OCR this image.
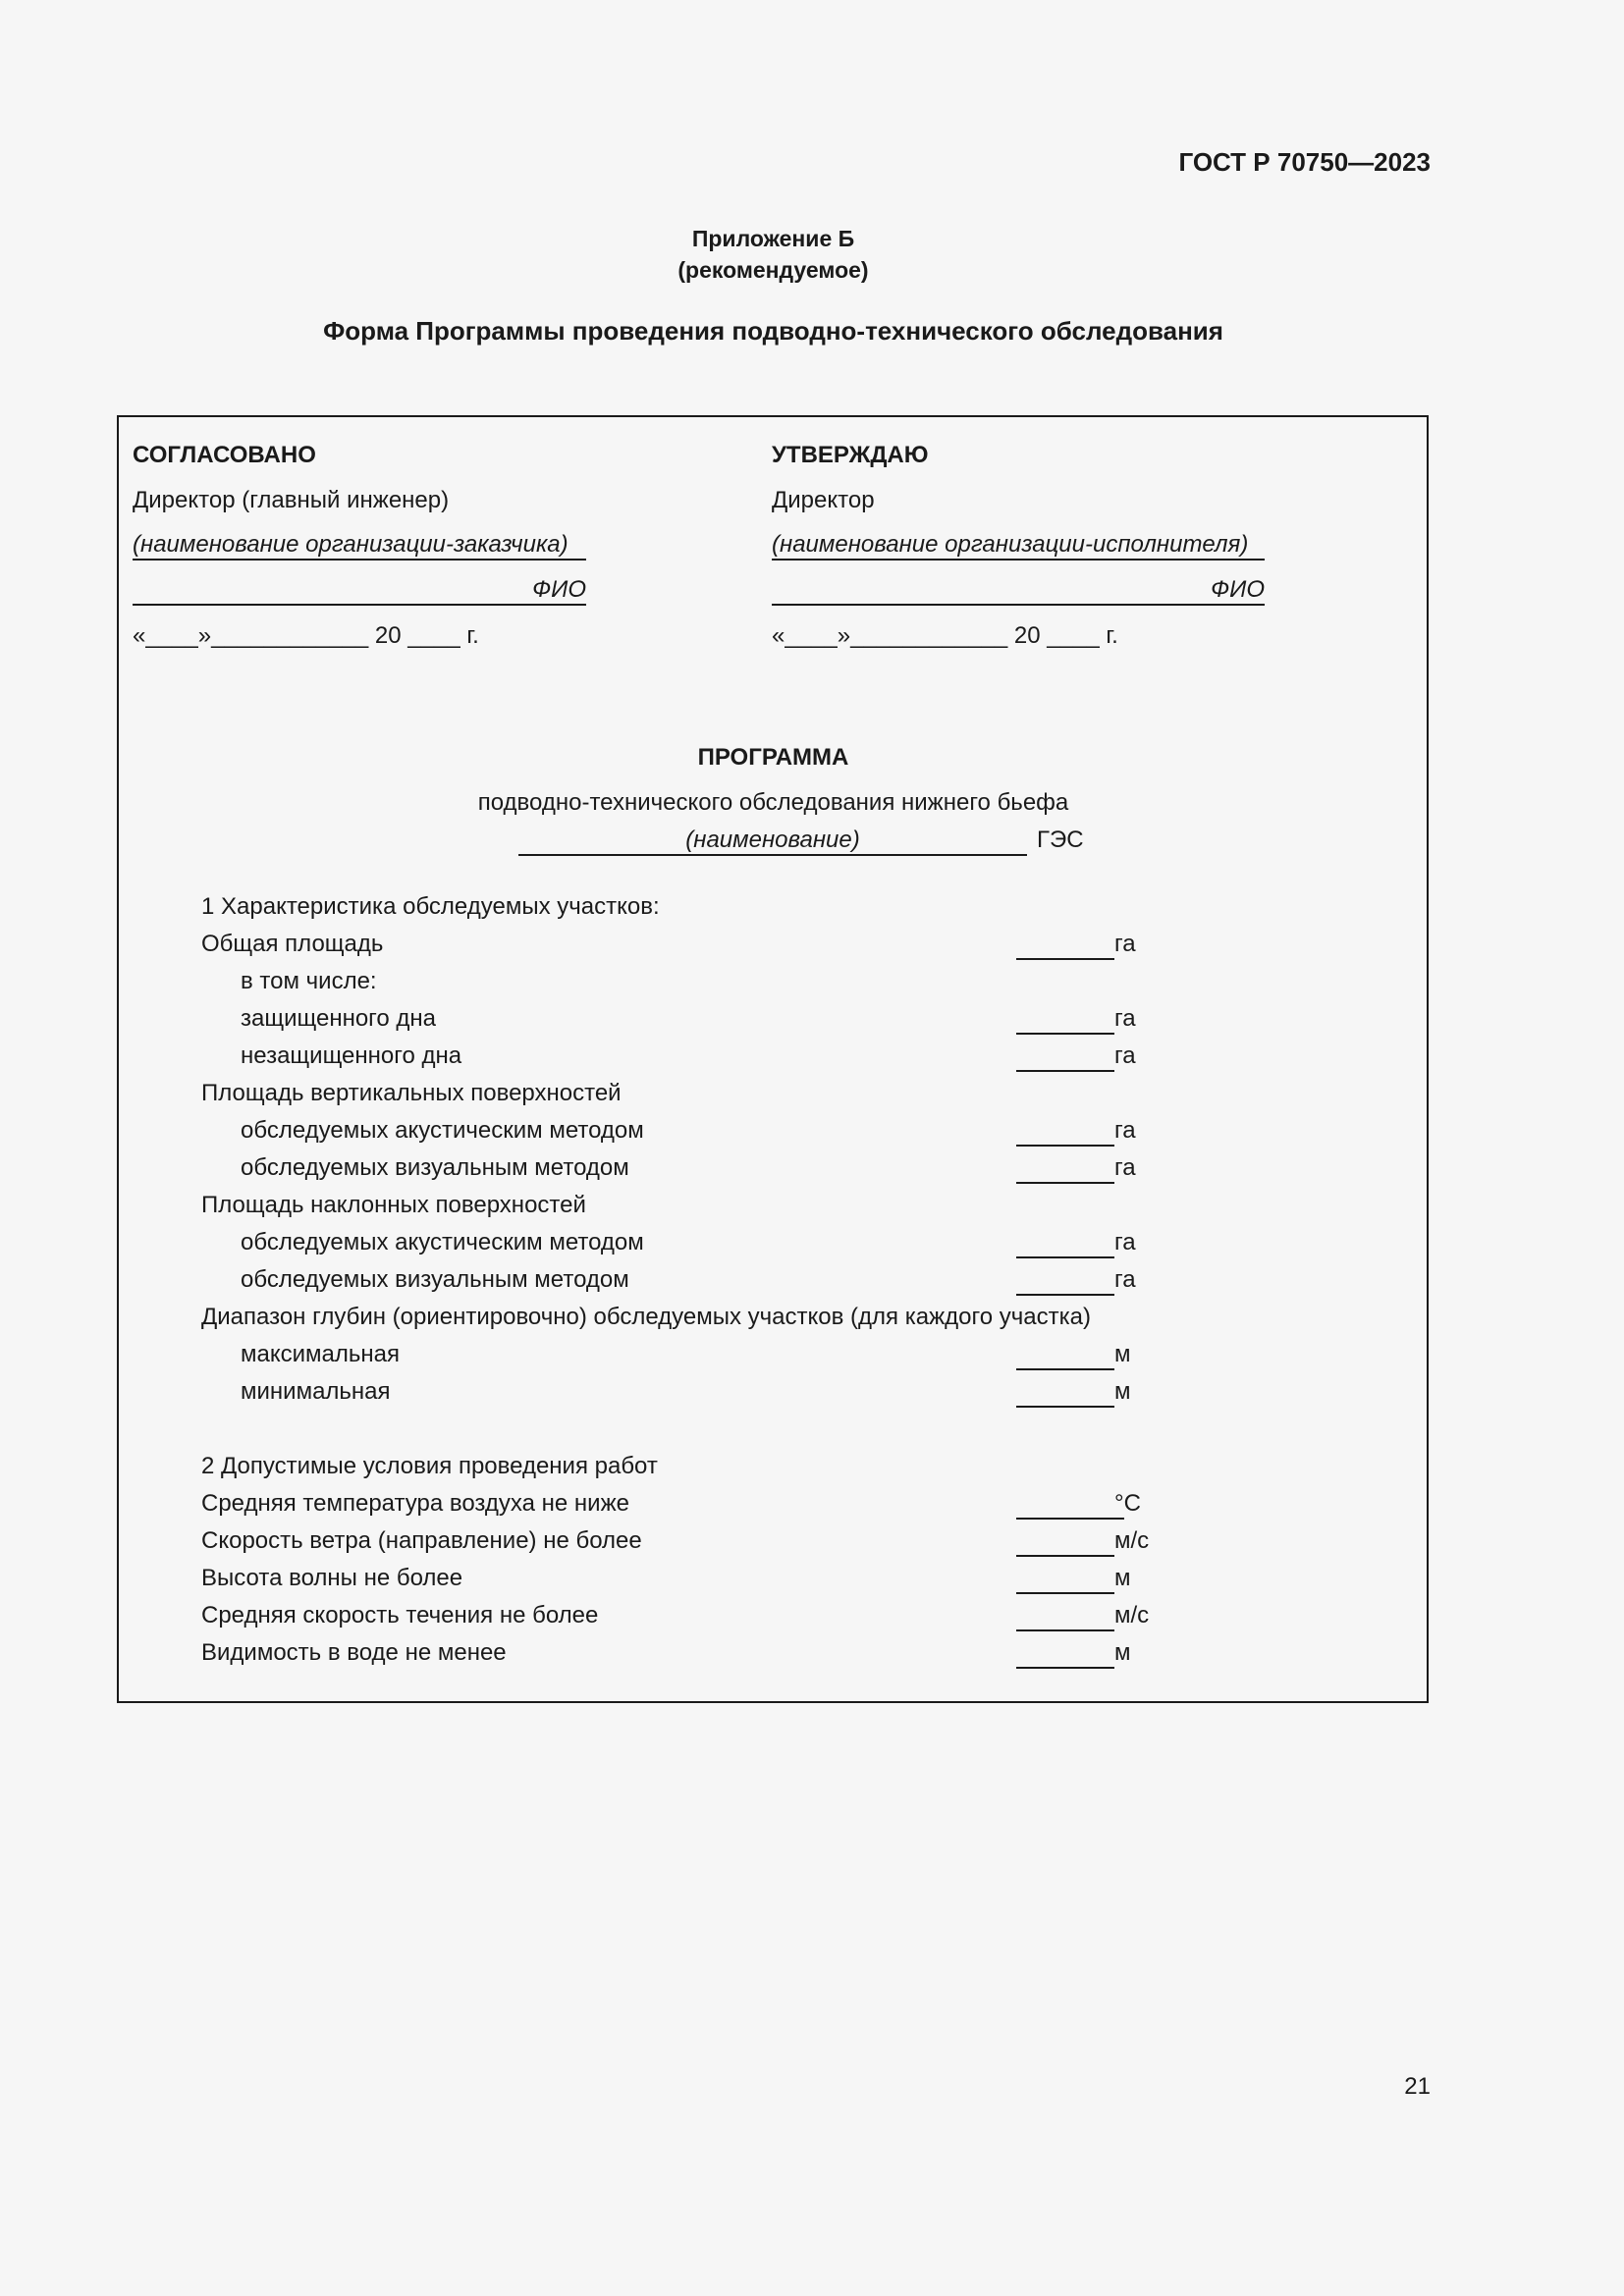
ГОСТ Р 70750—2023
Приложение Б
(рекомендуемое)
Форма Программы проведения подводно-технического обследования
СОГЛАСОВАНО
Директор (главный инженер)
(наименование организации-заказчика)
ФИО
«____»____________ 20 ____ г.
УТВЕРЖДАЮ
Директор
(наименование организации-исполнителя)
ФИО
«____»____________ 20 ____ г.
ПРОГРАММА
подводно-технического обследования нижнего бьефа
(наименование)	ГЭС
1 Характеристика обследуемых участков:
Общая площадь	га
в том числе:
защищенного дна	га
незащищенного дна	га
Площадь вертикальных поверхностей
обследуемых акустическим методом	га
обследуемых визуальным методом	га
Площадь наклонных поверхностей
обследуемых акустическим методом	га
обследуемых визуальным методом	га
Диапазон глубин (ориентировочно) обследуемых участков (для каждого участка)
максимальная	м
минимальная	м
2 Допустимые условия проведения работ
Средняя температура воздуха не ниже	°С
Скорость ветра (направление) не более	м/с
Высота волны не более	м
Средняя скорость течения не более	м/с
Видимость в воде не менее	м
21
